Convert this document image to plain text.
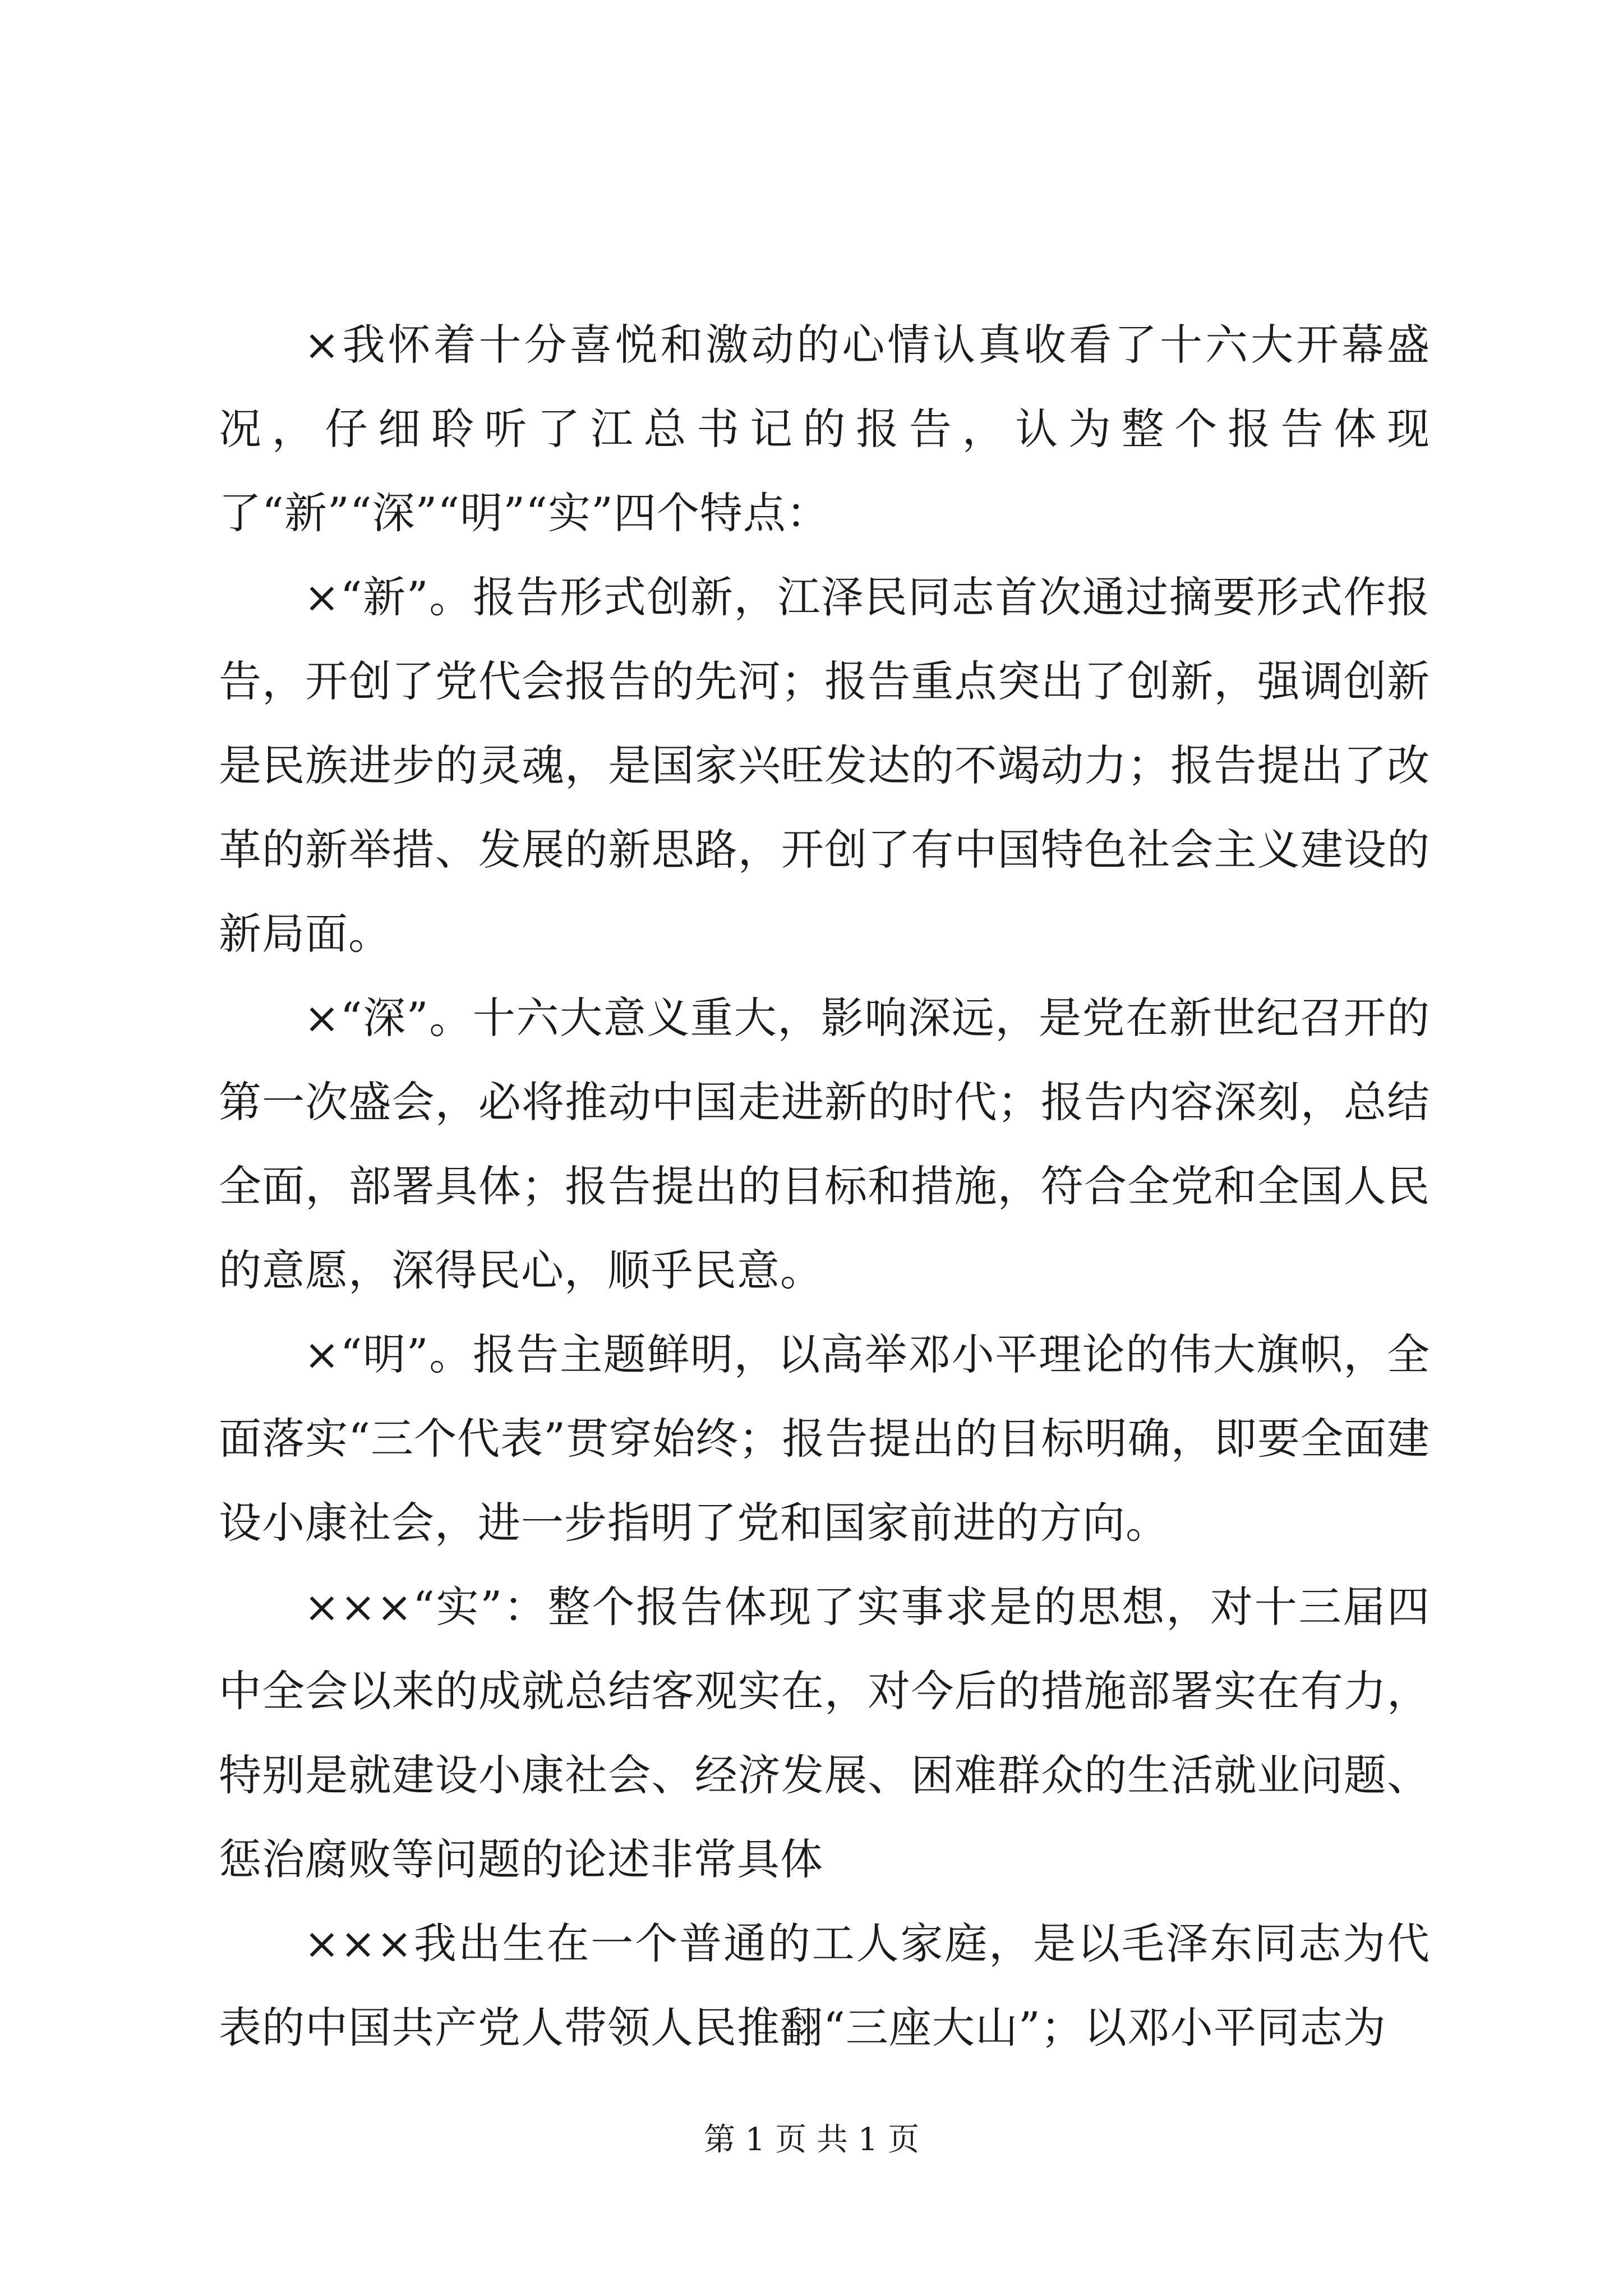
×我怀着十分喜悦和激动的心情认真收看了十六大开幕盛况，仔细聆听了江总书记的报告，认为整个报告体现了“新”“深”“明”“实”四个特点：

×“新”。报告形式创新，江泽民同志首次通过摘要形式作报告，开创了党代会报告的先河；报告重点突出了创新，强调创新是民族进步的灵魂，是国家兴旺发达的不竭动力；报告提出了改革的新举措、发展的新思路，开创了有中国特色社会主义建设的新局面。

×“深”。十六大意义重大，影响深远，是党在新世纪召开的第一次盛会，必将推动中国走进新的时代；报告内容深刻，总结全面，部署具体；报告提出的目标和措施，符合全党和全国人民的意愿，深得民心，顺乎民意。

×“明”。报告主题鲜明，以高举邓小平理论的伟大旗帜，全面落实“三个代表”贯穿始终；报告提出的目标明确，即要全面建设小康社会，进一步指明了党和国家前进的方向。

×××“实”：整个报告体现了实事求是的思想，对十三届四中全会以来的成就总结客观实在，对今后的措施部署实在有力，特别是就建设小康社会、经济发展、困难群众的生活就业问题、惩治腐败等问题的论述非常具体

×××我出生在一个普通的工人家庭，是以毛泽东同志为代表的中国共产党人带领人民推翻“三座大山”；以邓小平同志为

第 1 页 共 1 页
